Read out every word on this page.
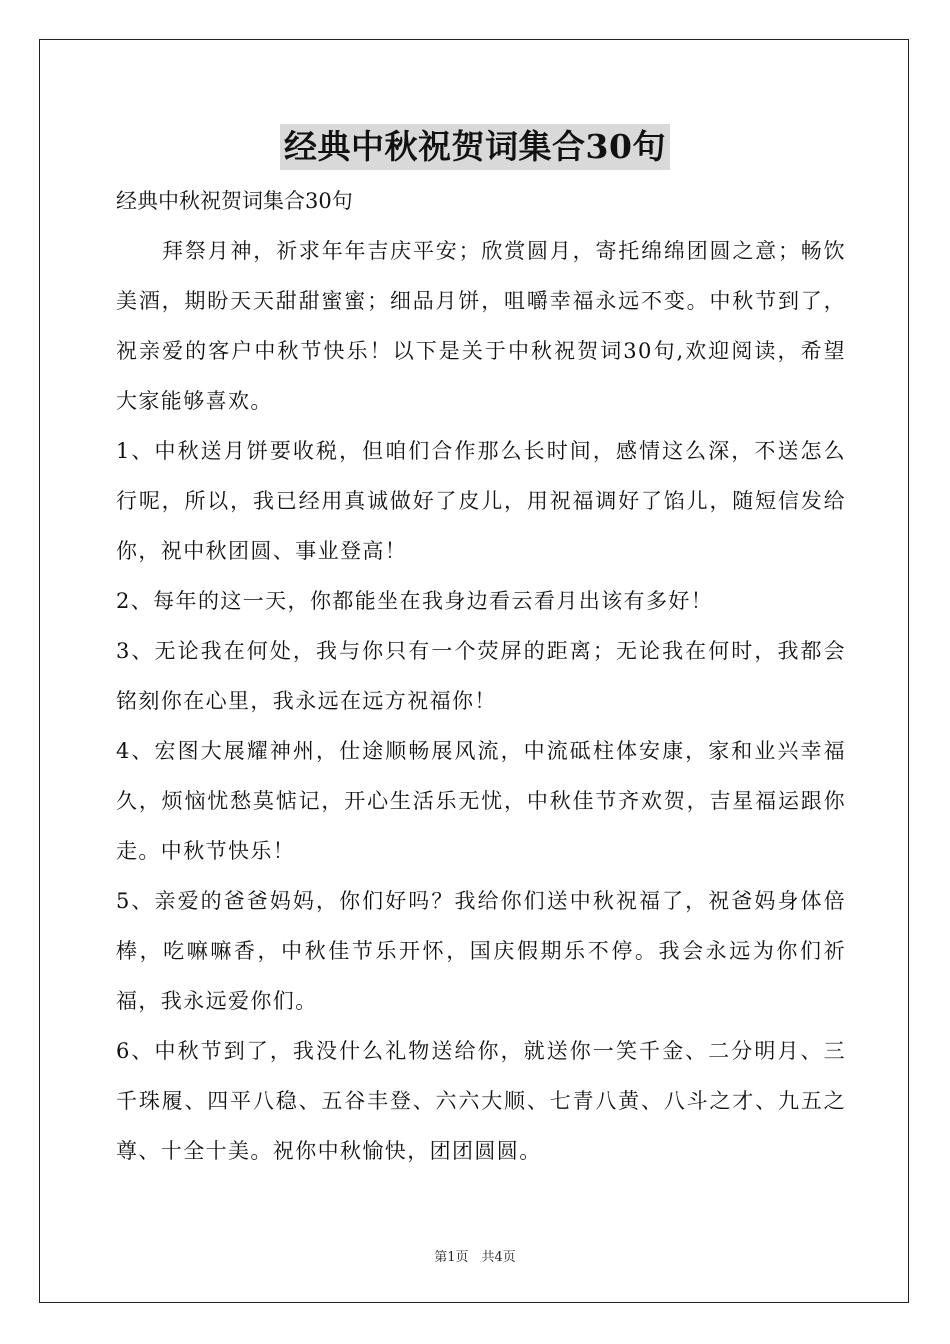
经典中秋祝贺词集合30句

经典中秋祝贺词集合30句

拜祭月神，祈求年年吉庆平安；欣赏圆月，寄托绵绵团圆之意；畅饮美酒，期盼天天甜甜蜜蜜；细品月饼，咀嚼幸福永远不变。中秋节到了，祝亲爱的客户中秋节快乐！以下是关于中秋祝贺词30句,欢迎阅读，希望大家能够喜欢。

1、中秋送月饼要收税，但咱们合作那么长时间，感情这么深，不送怎么行呢，所以，我已经用真诚做好了皮儿，用祝福调好了馅儿，随短信发给你，祝中秋团圆、事业登高！

2、每年的这一天，你都能坐在我身边看云看月出该有多好！

3、无论我在何处，我与你只有一个荧屏的距离；无论我在何时，我都会铭刻你在心里，我永远在远方祝福你！

4、宏图大展耀神州，仕途顺畅展风流，中流砥柱体安康，家和业兴幸福久，烦恼忧愁莫惦记，开心生活乐无忧，中秋佳节齐欢贺，吉星福运跟你走。中秋节快乐！

5、亲爱的爸爸妈妈，你们好吗？我给你们送中秋祝福了，祝爸妈身体倍棒，吃嘛嘛香，中秋佳节乐开怀，国庆假期乐不停。我会永远为你们祈福，我永远爱你们。

6、中秋节到了，我没什么礼物送给你，就送你一笑千金、二分明月、三千珠履、四平八稳、五谷丰登、六六大顺、七青八黄、八斗之才、九五之尊、十全十美。祝你中秋愉快，团团圆圆。

第1页　共4页
